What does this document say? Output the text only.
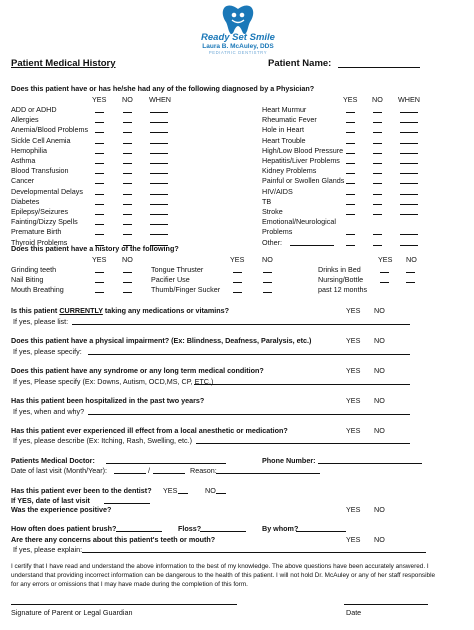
Ready Set Smile
Laura B. McAuley, DDS
PEDIATRIC DENTISTRY
Patient Medical History	Patient Name:
Does this patient have or has he/she had any of the following diagnosed by a Physician?
YES NO WHEN	YES NO WHEN
ADD or ADHD
Allergies
Anemia/Blood Problems
Sickle Cell Anemia
Hemophilia
Asthma
Blood Transfusion
Cancer
Developmental Delays
Diabetes
Epilepsy/Seizures
Fainting/Dizzy Spells
Premature Birth
Thyroid Problems
Heart Murmur
Rheumatic Fever
Hole in Heart
Heart Trouble
High/Low Blood Pressure
Hepatitis/Liver Problems
Kidney Problems
Painful or Swollen Glands
HIV/AIDS
TB
Stroke
Emotional/Neurological
Problems
Other:
Does this patient have a history of the following?
YES NO	YES NO	YES NO
Grinding teeth	Tongue Thruster	Drinks in Bed
Nail Biting	Pacifier Use	Nursing/Bottle
Mouth Breathing	Thumb/Finger Sucker	past 12 months
Is this patient CURRENTLY taking any medications or vitamins?	YES NO
If yes, please list:
Does this patient have a physical impairment? (Ex: Blindness, Deafness, Paralysis, etc.)	YES NO
If yes, please specify:
Does this patient have any syndrome or any long term medical condition?	YES NO
If yes, Please specify (Ex: Downs, Autism, OCD,MS, CP, ETC.)
Has this patient been hospitalized in the past two years?	YES NO
If yes, when and why?
Has this patient ever experienced ill effect from a local anesthetic or medication?	YES NO
If yes, please describe (Ex: Itching, Rash, Swelling, etc.)
Patients Medical Doctor:	Phone Number:
Date of last visit (Month/Year):	/	Reason:
Has this patient ever been to the dentist? YES	NO
If YES, date of last visit
Was the experience positive?	YES NO
How often does patient brush?	Floss?	By whom?
Are there any concerns about this patient's teeth or mouth?	YES NO
If yes, please explain:
I certify that I have read and understand the above information to the best of my knowledge. The above questions have been accurately answered. I
understand that providing incorrect information can be dangerous to the health of this patient. I will not hold Dr. McAuley or any of her staff responsible
for any errors or omissions that I may have made during the completion of this form.
Signature of Parent or Legal Guardian	Date
